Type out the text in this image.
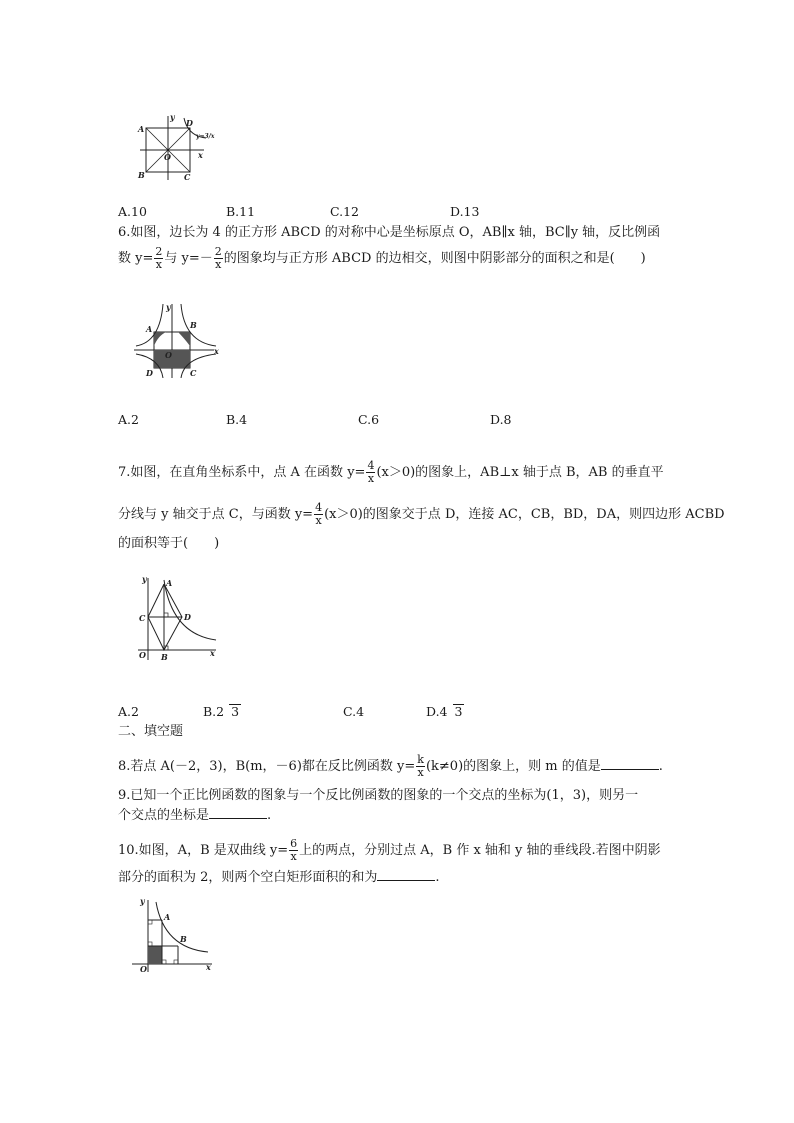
y
A
D
O
B	C
x
y=3/x
A.10	B.11	C.12	D.13
6.如图，边长为 4 的正方形 ABCD 的对称中心是坐标原点 O，AB∥x 轴，BC∥y 轴，反比例函
数 $y= \frac{2}{x}$ 与 $y=- \frac{2}{x}$ 的图象均与正方形 ABCD 的边相交，则图中阴影部分的面积之和是(　　)
y
A	B
O	x
D	C
A.2	B.4	C.6	D.8
7.如图，在直角坐标系中，点 A 在函数 $y= \frac{4}{x} (x>0)$的图象上，AB⊥x 轴于点 B，AB 的垂直平
分线与 y 轴交于点 C，与函数 $y= \frac{4}{x} (x>0)$的图象交于点 D，连接 AC，CB，BD，DA，则四边形 ACBD
的面积等于(　　)
y A
D
C
O B	x
A.2	B.2 3	C.4	D.4 3
二、填空题
8.若点 A(－2，3)，B(m，－6)都在反比例函数 $y= \frac{k}{x} (k\ne 0)$的图象上，则 m 的值是	.
9.已知一个正比例函数的图象与一个反比例函数的图象的一个交点的坐标为(1，3)，则另一
个交点的坐标是	.
10.如图，A，B 是双曲线 $y= \frac{6}{x}$ 上的两点，分别过点 A，B 作 x 轴和 y 轴的垂线段.若图中阴影
部分的面积为 2，则两个空白矩形面积的和为	.
y
A
B
O	x
